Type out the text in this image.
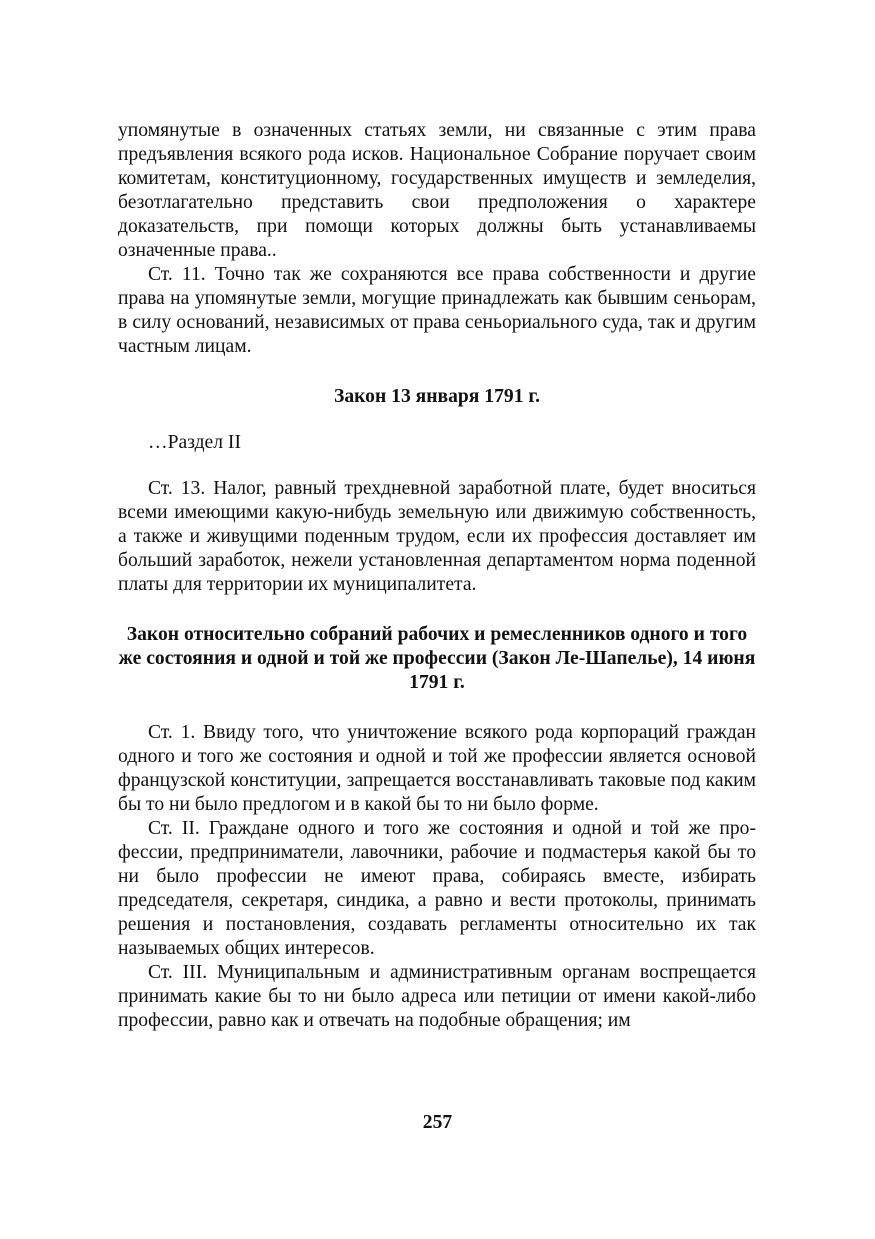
упомянутые в означенных статьях земли, ни связанные с этим права предъявления всякого рода исков. Национальное Собрание поручает своим комитетам, конституционному, государственных имуществ и земледелия, безотлагательно представить свои предположения о характере доказательств, при помощи которых должны быть устанавливаемы означенные права..

Ст. 11. Точно так же сохраняются все права собственности и другие права на упомянутые земли, могущие принадлежать как бывшим сеньорам, в силу оснований, независимых от права сеньориального суда, так и другим частным лицам.

Закон 13 января 1791 г.

…Раздел II

Ст. 13. Налог, равный трехдневной заработной плате, будет вноситься всеми имеющими какую-нибудь земельную или движимую собственность, а также и живущими поденным трудом, если их профессия доставляет им больший заработок, нежели установленная департаментом норма поденной платы для территории их муниципалитета.

Закон относительно собраний рабочих и ремесленников одного и того же состояния и одной и той же профессии (Закон Ле-Шапелье), 14 июня 1791 г.

Ст. 1. Ввиду того, что уничтожение всякого рода корпораций граждан одного и того же состояния и одной и той же профессии является основой французской конституции, запрещается восстанавливать таковые под каким бы то ни было предлогом и в какой бы то ни было форме.

Ст. II. Граждане одного и того же состояния и одной и той же профессии, предприниматели, лавочники, рабочие и подмастерья какой бы то ни было профессии не имеют права, собираясь вместе, избирать председателя, секретаря, синдика, а равно и вести протоколы, принимать решения и постановления, создавать регламенты относительно их так называемых общих интересов.

Ст. III. Муниципальным и административным органам воспрещается принимать какие бы то ни было адреса или петиции от имени какой-либо профессии, равно как и отвечать на подобные обращения; им

257
